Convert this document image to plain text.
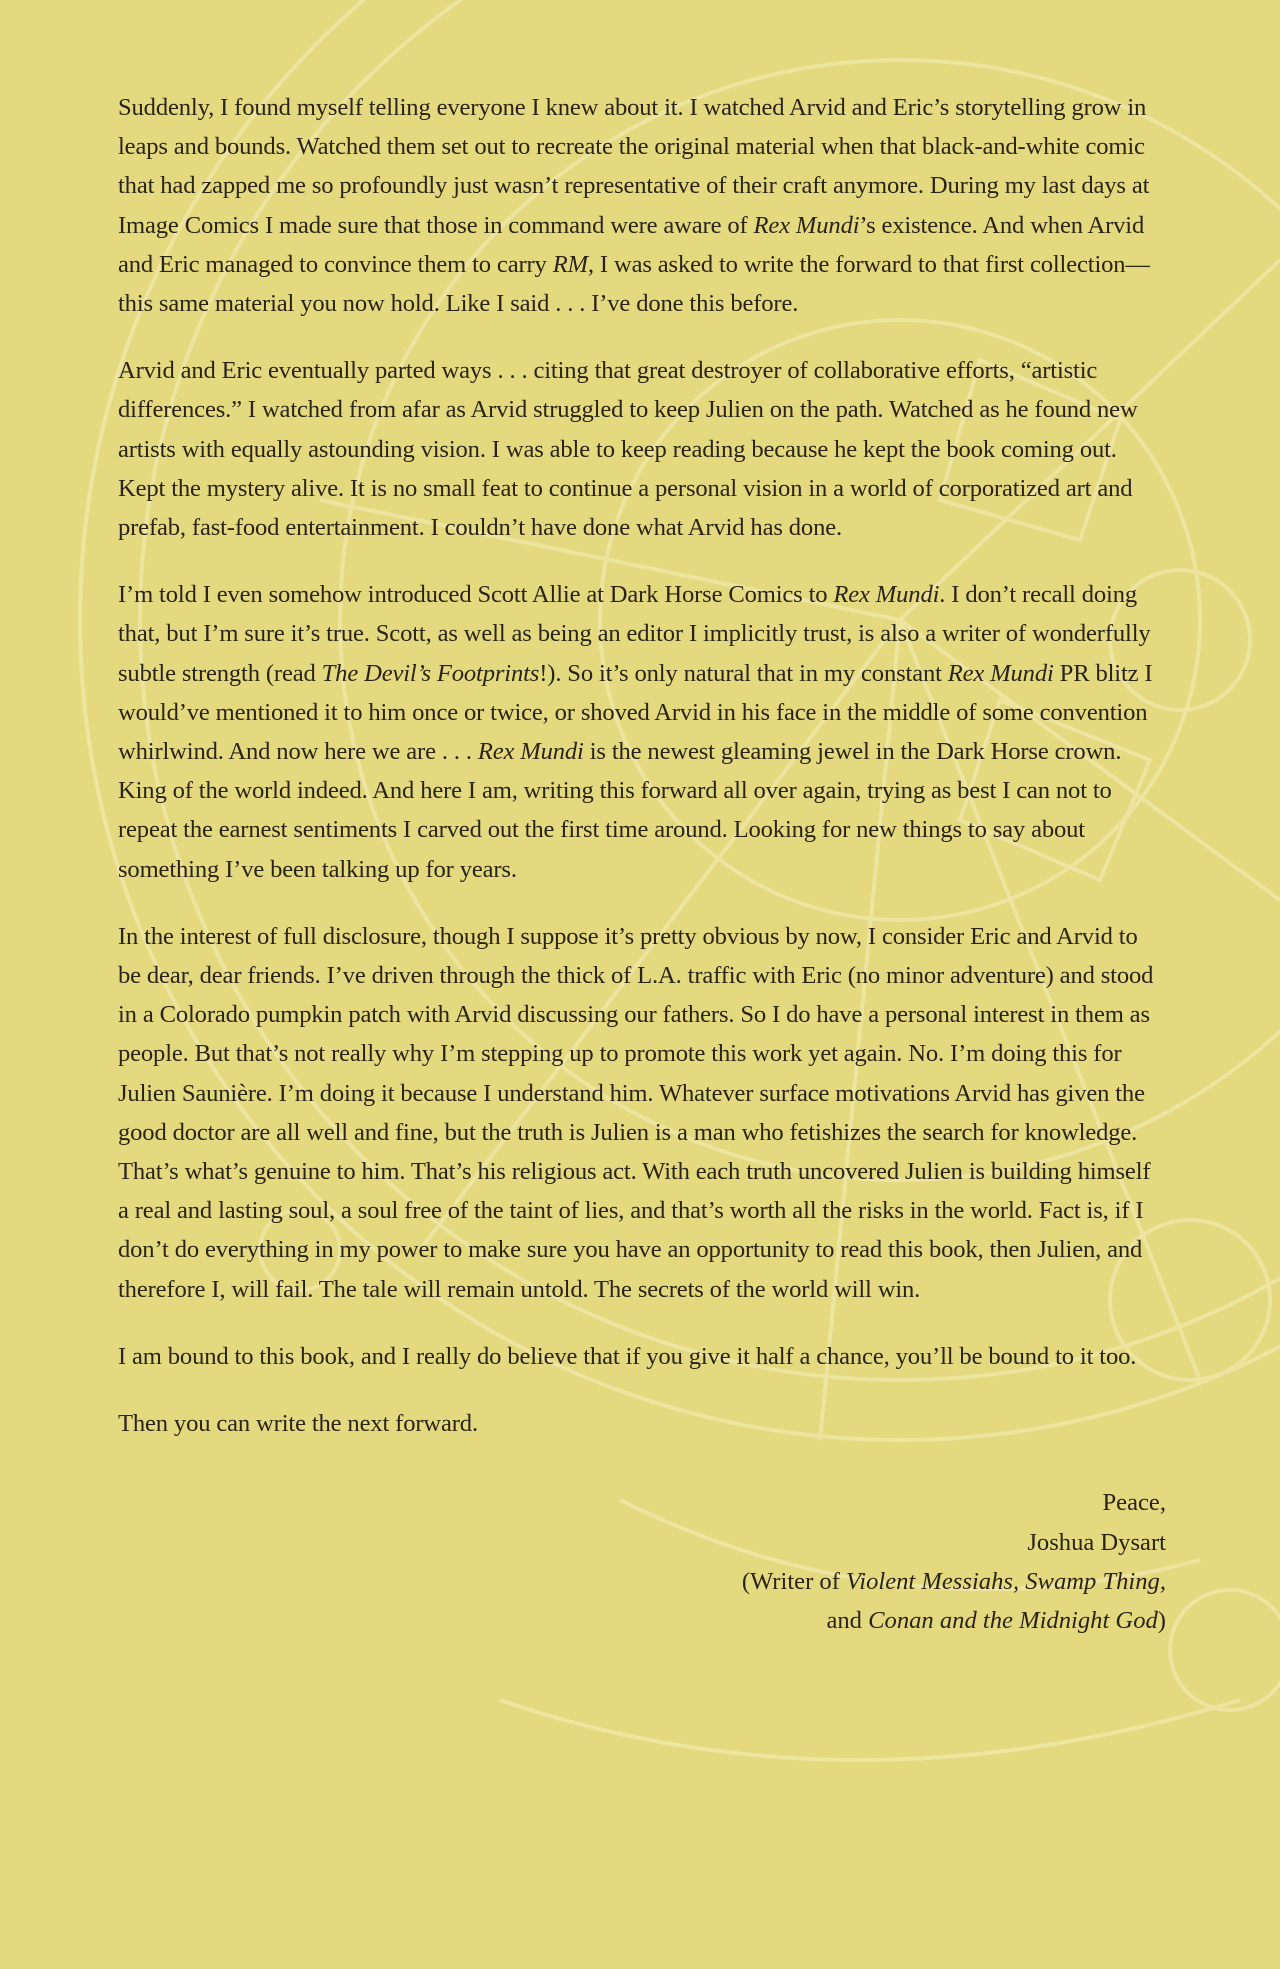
Suddenly, I found myself telling everyone I knew about it. I watched Arvid and Eric’s storytelling grow in leaps and bounds. Watched them set out to recreate the original material when that black-and-white comic that had zapped me so profoundly just wasn’t representative of their craft anymore. During my last days at Image Comics I made sure that those in command were aware of Rex Mundi’s existence. And when Arvid and Eric managed to convince them to carry RM, I was asked to write the forward to that first collection—this same material you now hold. Like I said . . . I’ve done this before.

Arvid and Eric eventually parted ways . . . citing that great destroyer of collaborative efforts, “artistic differences.” I watched from afar as Arvid struggled to keep Julien on the path. Watched as he found new artists with equally astounding vision. I was able to keep reading because he kept the book coming out. Kept the mystery alive. It is no small feat to continue a personal vision in a world of corporatized art and prefab, fast-food entertainment. I couldn’t have done what Arvid has done.

I’m told I even somehow introduced Scott Allie at Dark Horse Comics to Rex Mundi. I don’t recall doing that, but I’m sure it’s true. Scott, as well as being an editor I implicitly trust, is also a writer of wonderfully subtle strength (read The Devil’s Footprints!). So it’s only natural that in my constant Rex Mundi PR blitz I would’ve mentioned it to him once or twice, or shoved Arvid in his face in the middle of some convention whirlwind. And now here we are . . . Rex Mundi is the newest gleaming jewel in the Dark Horse crown. King of the world indeed. And here I am, writing this forward all over again, trying as best I can not to repeat the earnest sentiments I carved out the first time around. Looking for new things to say about something I’ve been talking up for years.

In the interest of full disclosure, though I suppose it’s pretty obvious by now, I consider Eric and Arvid to be dear, dear friends. I’ve driven through the thick of L.A. traffic with Eric (no minor adventure) and stood in a Colorado pumpkin patch with Arvid discussing our fathers. So I do have a personal interest in them as people. But that’s not really why I’m stepping up to promote this work yet again. No. I’m doing this for Julien Saunière. I’m doing it because I understand him. Whatever surface motivations Arvid has given the good doctor are all well and fine, but the truth is Julien is a man who fetishizes the search for knowledge. That’s what’s genuine to him. That’s his religious act. With each truth uncovered Julien is building himself a real and lasting soul, a soul free of the taint of lies, and that’s worth all the risks in the world. Fact is, if I don’t do everything in my power to make sure you have an opportunity to read this book, then Julien, and therefore I, will fail. The tale will remain untold. The secrets of the world will win.

I am bound to this book, and I really do believe that if you give it half a chance, you’ll be bound to it too.

Then you can write the next forward.

Peace,
Joshua Dysart
(Writer of Violent Messiahs, Swamp Thing,
and Conan and the Midnight God)
